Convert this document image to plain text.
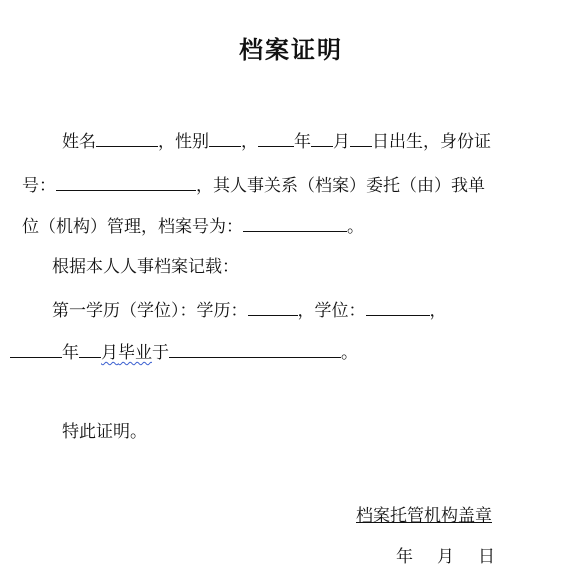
档案证明
姓名	，性别 ， 年 月 日出生，身份证
号：	，其人事关系（档案）委托（由）我单
位（机构）管理，档案号为：	。
根据本人人事档案记载：
第一学历（学位）：学历：	，学位：	，
年 月毕业于	。
特此证明。
档案托管机构盖章
年 月 日
